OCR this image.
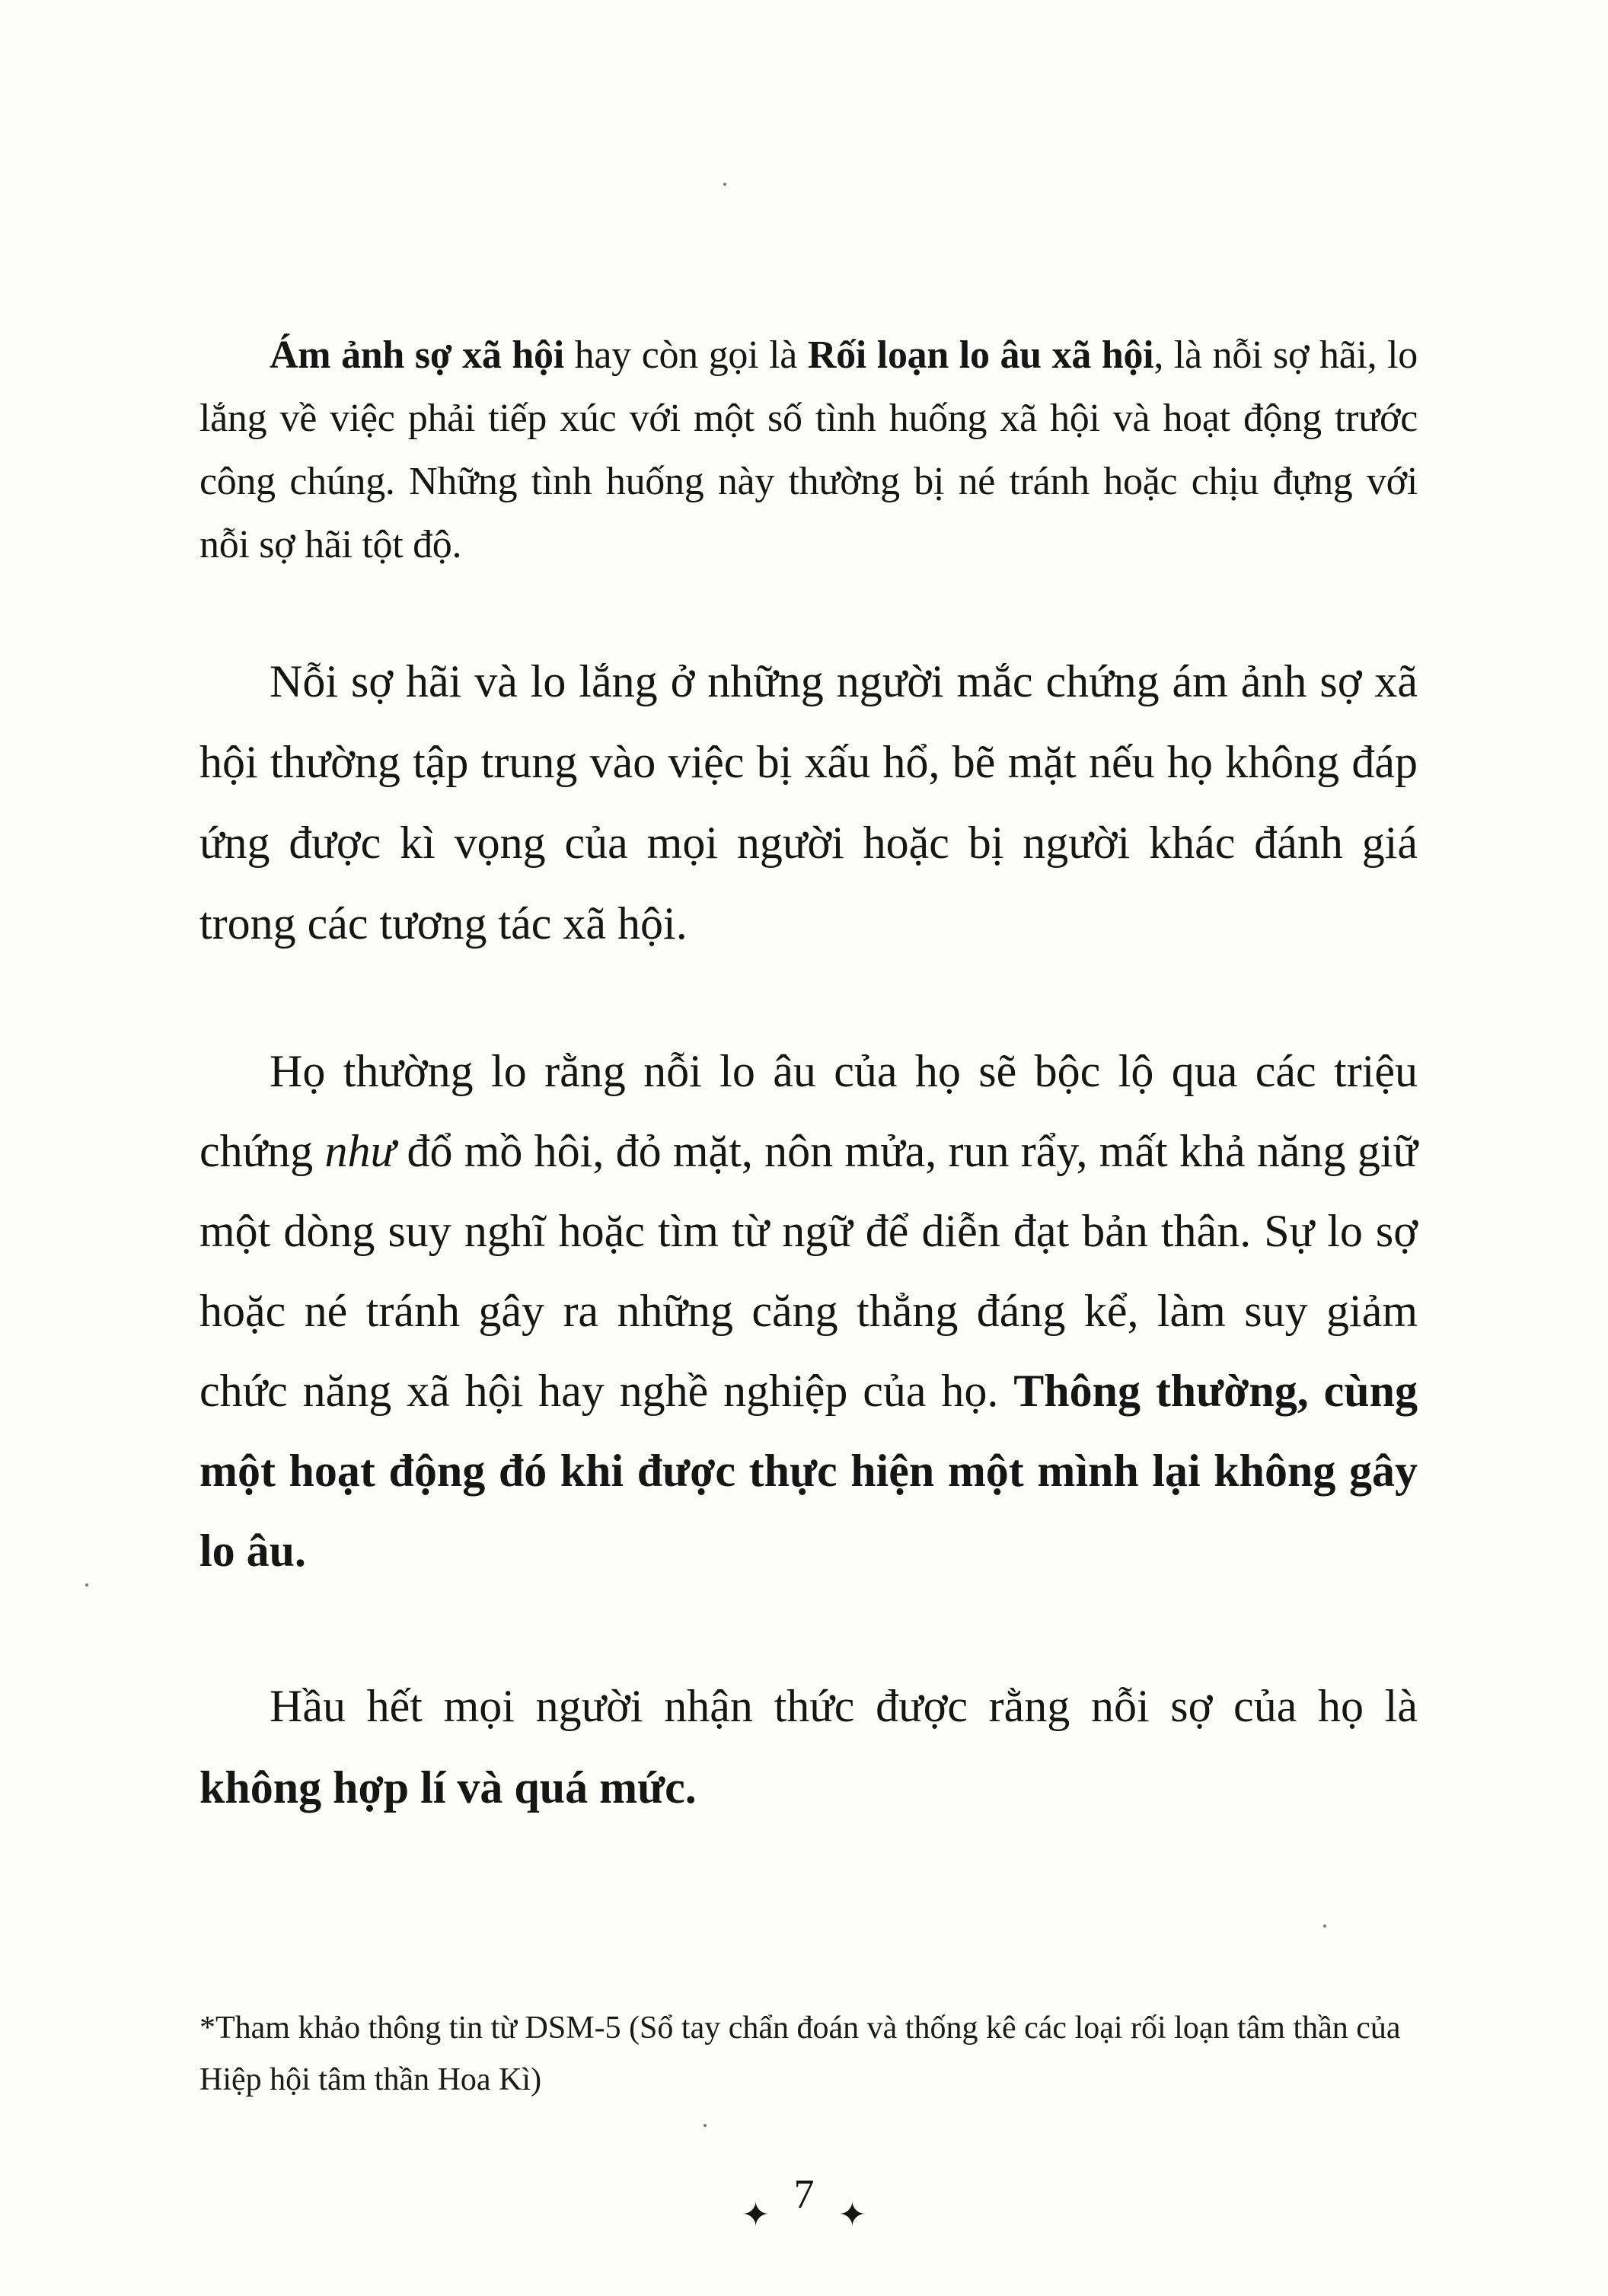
Ám ảnh sợ xã hội hay còn gọi là Rối loạn lo âu xã hội, là nỗi sợ hãi, lo lắng về việc phải tiếp xúc với một số tình huống xã hội và hoạt động trước công chúng. Những tình huống này thường bị né tránh hoặc chịu đựng với nỗi sợ hãi tột độ.

Nỗi sợ hãi và lo lắng ở những người mắc chứng ám ảnh sợ xã hội thường tập trung vào việc bị xấu hổ, bẽ mặt nếu họ không đáp ứng được kì vọng của mọi người hoặc bị người khác đánh giá trong các tương tác xã hội.

Họ thường lo rằng nỗi lo âu của họ sẽ bộc lộ qua các triệu chứng như đổ mồ hôi, đỏ mặt, nôn mửa, run rẩy, mất khả năng giữ một dòng suy nghĩ hoặc tìm từ ngữ để diễn đạt bản thân. Sự lo sợ hoặc né tránh gây ra những căng thẳng đáng kể, làm suy giảm chức năng xã hội hay nghề nghiệp của họ. Thông thường, cùng một hoạt động đó khi được thực hiện một mình lại không gây lo âu.

Hầu hết mọi người nhận thức được rằng nỗi sợ của họ là không hợp lí và quá mức.

*Tham khảo thông tin từ DSM-5 (Sổ tay chẩn đoán và thống kê các loại rối loạn tâm thần của Hiệp hội tâm thần Hoa Kì)

✦ 7 ✦
